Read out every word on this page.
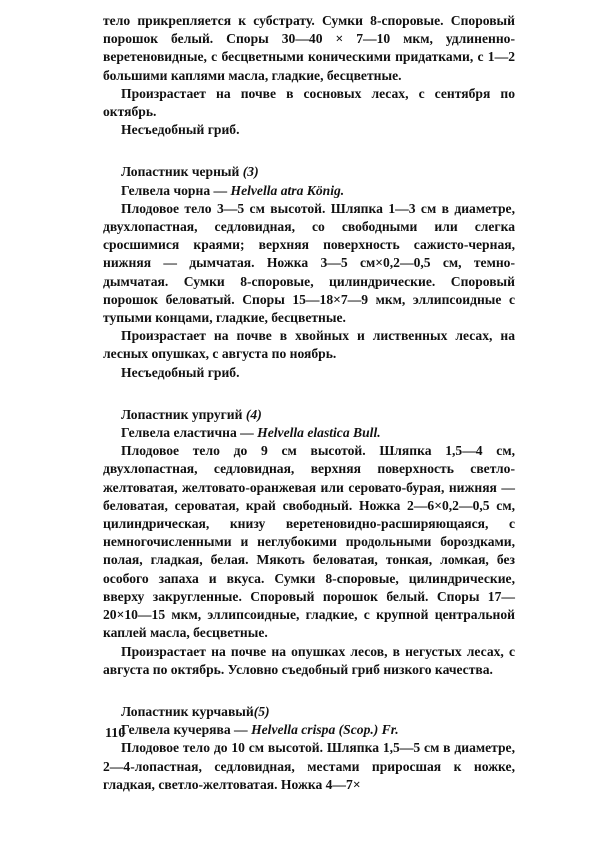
тело прикрепляется к субстрату. Сумки 8-споровые. Споровый порошок белый. Споры 30—40 × 7—10 мкм, удлиненно-веретеновидные, с бесцветными коническими придатками, с 1—2 большими каплями масла, гладкие, бесцветные.

Произрастает на почве в сосновых лесах, с сентября по октябрь.

Несъедобный гриб.

Лопастник черный (3)

Гелвела чорна — Helvella atra König.

Плодовое тело 3—5 см высотой. Шляпка 1—3 см в диаметре, двухлопастная, седловидная, со свободными или слегка сросшимися краями; верхняя поверхность сажисто-черная, нижняя — дымчатая. Ножка 3—5 см×0,2—0,5 см, темно-дымчатая. Сумки 8-споровые, цилиндрические. Споровый порошок беловатый. Споры 15—18×7—9 мкм, эллипсоидные с тупыми концами, гладкие, бесцветные.

Произрастает на почве в хвойных и лиственных лесах, на лесных опушках, с августа по ноябрь.

Несъедобный гриб.

Лопастник упругий (4)

Гелвела еластична — Helvella elastica Bull.

Плодовое тело до 9 см высотой. Шляпка 1,5—4 см, двухлопастная, седловидная, верхняя поверхность светло-желтоватая, желтовато-оранжевая или серовато-бурая, нижняя — беловатая, сероватая, край свободный. Ножка 2—6×0,2—0,5 см, цилиндрическая, книзу веретеновидно-расширяющаяся, с немногочисленными и неглубокими продольными бороздками, полая, гладкая, белая. Мякоть беловатая, тонкая, ломкая, без особого запаха и вкуса. Сумки 8-споровые, цилиндрические, вверху закругленные. Споровый порошок белый. Споры 17—20×10—15 мкм, эллипсоидные, гладкие, с крупной центральной каплей масла, бесцветные.

Произрастает на почве на опушках лесов, в негустых лесах, с августа по октябрь. Условно съедобный гриб низкого качества.

Лопастник курчавый(5)

Гелвела кучерява — Helvella crispa (Scop.) Fr.

Плодовое тело до 10 см высотой. Шляпка 1,5—5 см в диаметре, 2—4-лопастная, седловидная, местами приросшая к ножке, гладкая, светло-желтоватая. Ножка 4—7×

110
